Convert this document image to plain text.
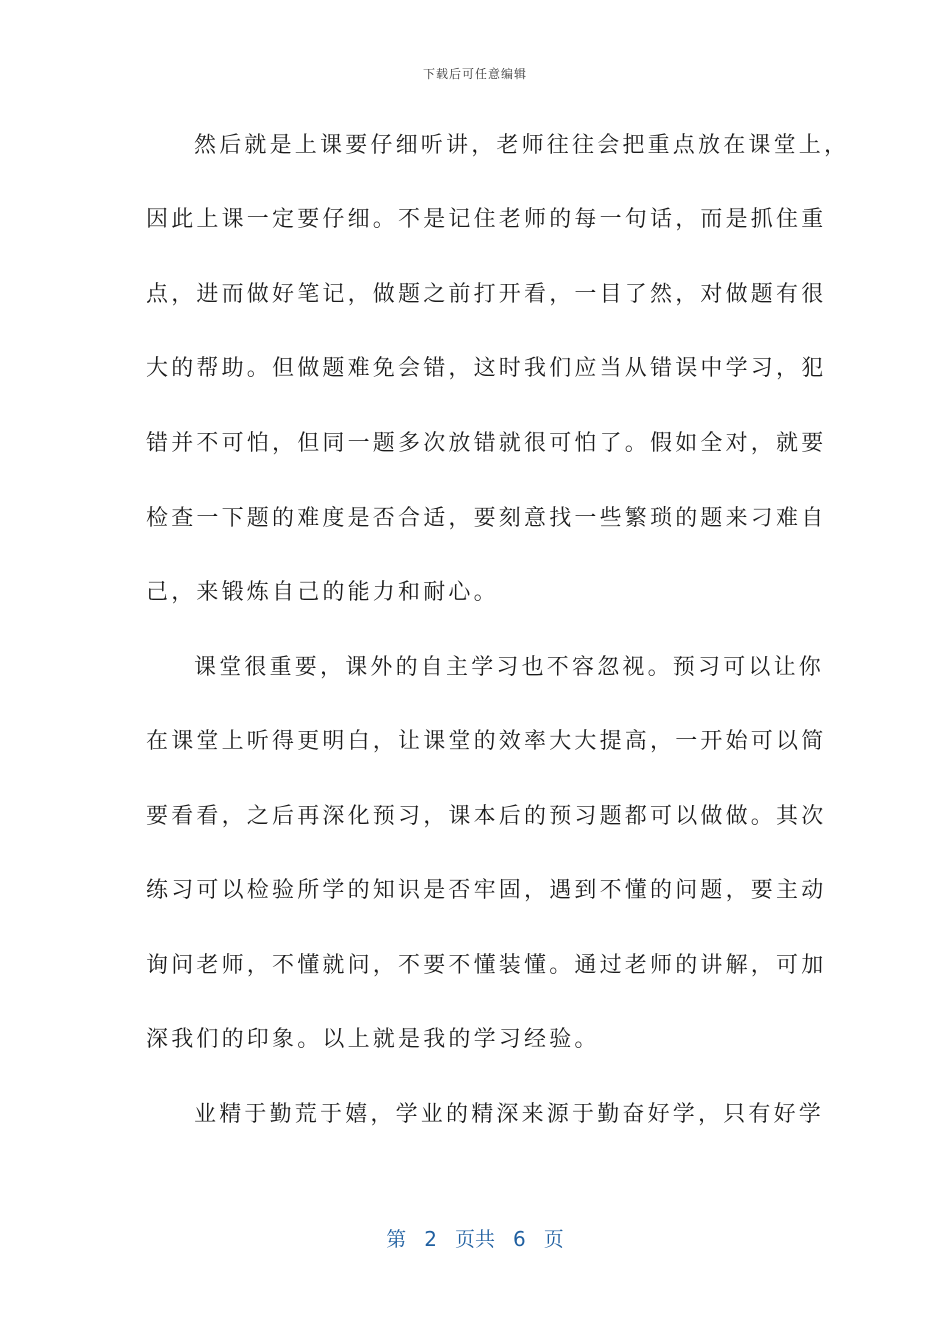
下载后可任意编辑
然后就是上课要仔细听讲，老师往往会把重点放在课堂上，
因此上课一定要仔细。不是记住老师的每一句话，而是抓住重
点，进而做好笔记，做题之前打开看，一目了然，对做题有很
大的帮助。但做题难免会错，这时我们应当从错误中学习，犯
错并不可怕，但同一题多次放错就很可怕了。假如全对，就要
检查一下题的难度是否合适，要刻意找一些繁琐的题来刁难自
己，来锻炼自己的能力和耐心。
课堂很重要，课外的自主学习也不容忽视。预习可以让你
在课堂上听得更明白，让课堂的效率大大提高，一开始可以简
要看看，之后再深化预习，课本后的预习题都可以做做。其次
练习可以检验所学的知识是否牢固，遇到不懂的问题，要主动
询问老师，不懂就问，不要不懂装懂。通过老师的讲解，可加
深我们的印象。以上就是我的学习经验。
业精于勤荒于嬉，学业的精深来源于勤奋好学，只有好学
第 2 页共 6 页
